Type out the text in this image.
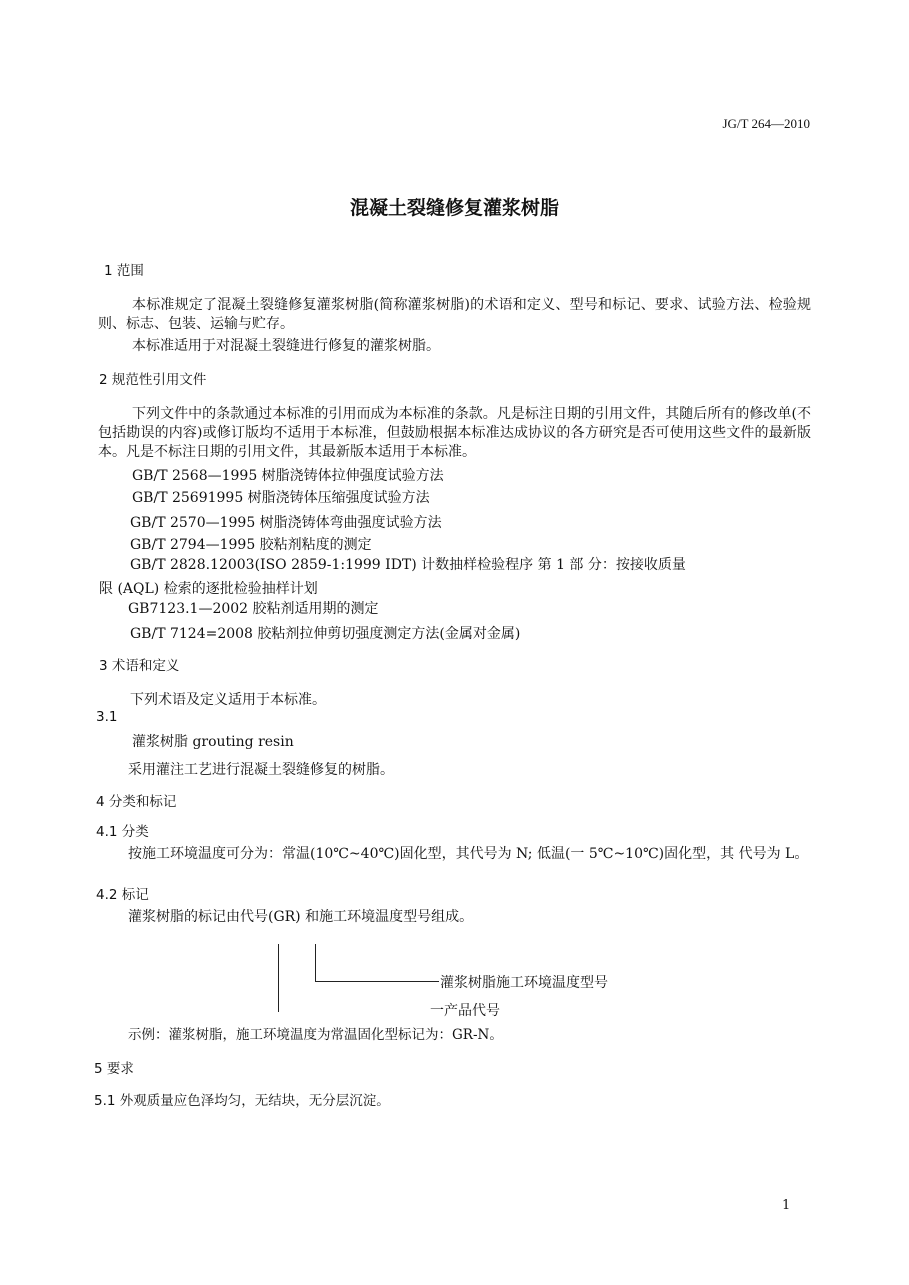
JG/T 264—2010
混凝土裂缝修复灌浆树脂
1 范围
本标准规定了混凝土裂缝修复灌浆树脂(简称灌浆树脂)的术语和定义、型号和标记、要求、试验方法、检验规则、标志、包装、运输与贮存。
本标准适用于对混凝土裂缝进行修复的灌浆树脂。
2 规范性引用文件
下列文件中的条款通过本标准的引用而成为本标准的条款。凡是标注日期的引用文件，其随后所有的修改单(不包括勘误的内容)或修订版均不适用于本标准，但鼓励根据本标准达成协议的各方研究是否可使用这些文件的最新版本。凡是不标注日期的引用文件，其最新版本适用于本标准。
GB/T 2568—1995 树脂浇铸体拉伸强度试验方法
GB/T 25691995 树脂浇铸体压缩强度试验方法
GB/T 2570—1995 树脂浇铸体弯曲强度试验方法
GB/T 2794—1995 胶粘剂粘度的测定
GB/T 2828.12003(ISO 2859-1:1999 IDT) 计数抽样检验程序 第 1 部 分：按接收质量
限 (AQL) 检索的逐批检验抽样计划
GB7123.1—2002 胶粘剂适用期的测定
GB/T 7124=2008 胶粘剂拉伸剪切强度测定方法(金属对金属)
3 术语和定义
下列术语及定义适用于本标准。
3.1
灌浆树脂 grouting resin
采用灌注工艺进行混凝土裂缝修复的树脂。
4 分类和标记
4.1 分类
按施工环境温度可分为：常温(10℃~40℃)固化型，其代号为 N; 低温(一 5℃~10℃)固化型，其 代号为 L。
4.2 标记
灌浆树脂的标记由代号(GR) 和施工环境温度型号组成。
灌浆树脂施工环境温度型号
一产品代号
示例：灌浆树脂，施工环境温度为常温固化型标记为：GR-N。
5 要求
5.1 外观质量应色泽均匀，无结块，无分层沉淀。
1
